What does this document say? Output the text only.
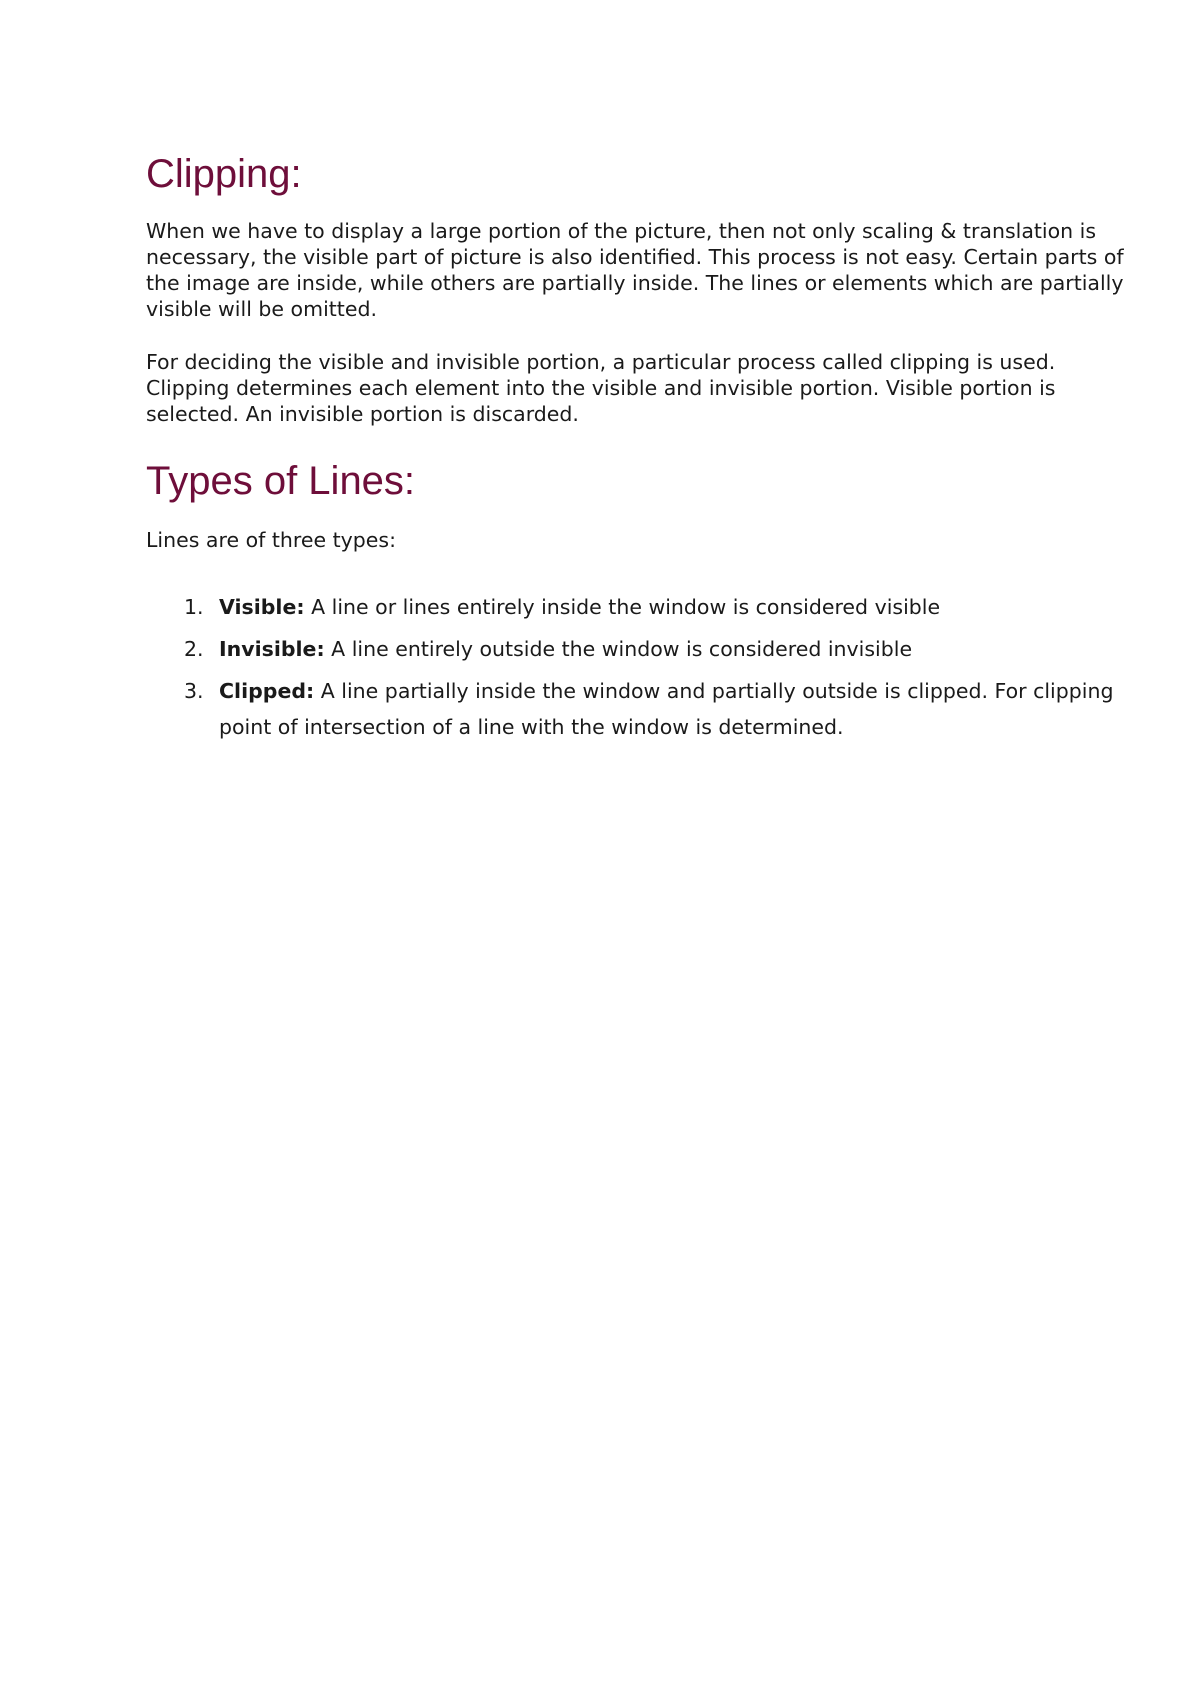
Clipping:

When we have to display a large portion of the picture, then not only scaling & translation is necessary, the visible part of picture is also identified. This process is not easy. Certain parts of the image are inside, while others are partially inside. The lines or elements which are partially visible will be omitted.

For deciding the visible and invisible portion, a particular process called clipping is used. Clipping determines each element into the visible and invisible portion. Visible portion is selected. An invisible portion is discarded.

Types of Lines:

Lines are of three types:

1. Visible: A line or lines entirely inside the window is considered visible
2. Invisible: A line entirely outside the window is considered invisible
3. Clipped: A line partially inside the window and partially outside is clipped. For clipping point of intersection of a line with the window is determined.
